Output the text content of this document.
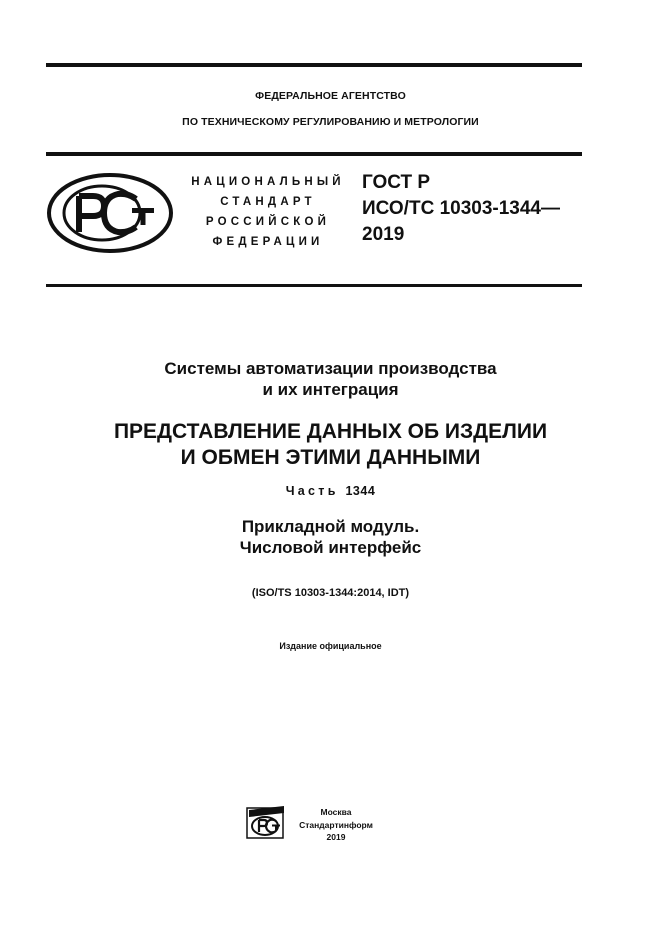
ФЕДЕРАЛЬНОЕ АГЕНТСТВО
ПО ТЕХНИЧЕСКОМУ РЕГУЛИРОВАНИЮ И МЕТРОЛОГИИ
НАЦИОНАЛЬНЫЙ
СТАНДАРТ
РОССИЙСКОЙ
ФЕДЕРАЦИИ
ГОСТ Р
ИСО/ТС 10303-1344—
2019
Системы автоматизации производства
и их интеграция
ПРЕДСТАВЛЕНИЕ ДАННЫХ ОБ ИЗДЕЛИИ
И ОБМЕН ЭТИМИ ДАННЫМИ
Часть 1344
Прикладной модуль.
Числовой интерфейс
(ISO/TS 10303-1344:2014, IDT)
Издание официальное
Москва
Стандартинформ
2019
